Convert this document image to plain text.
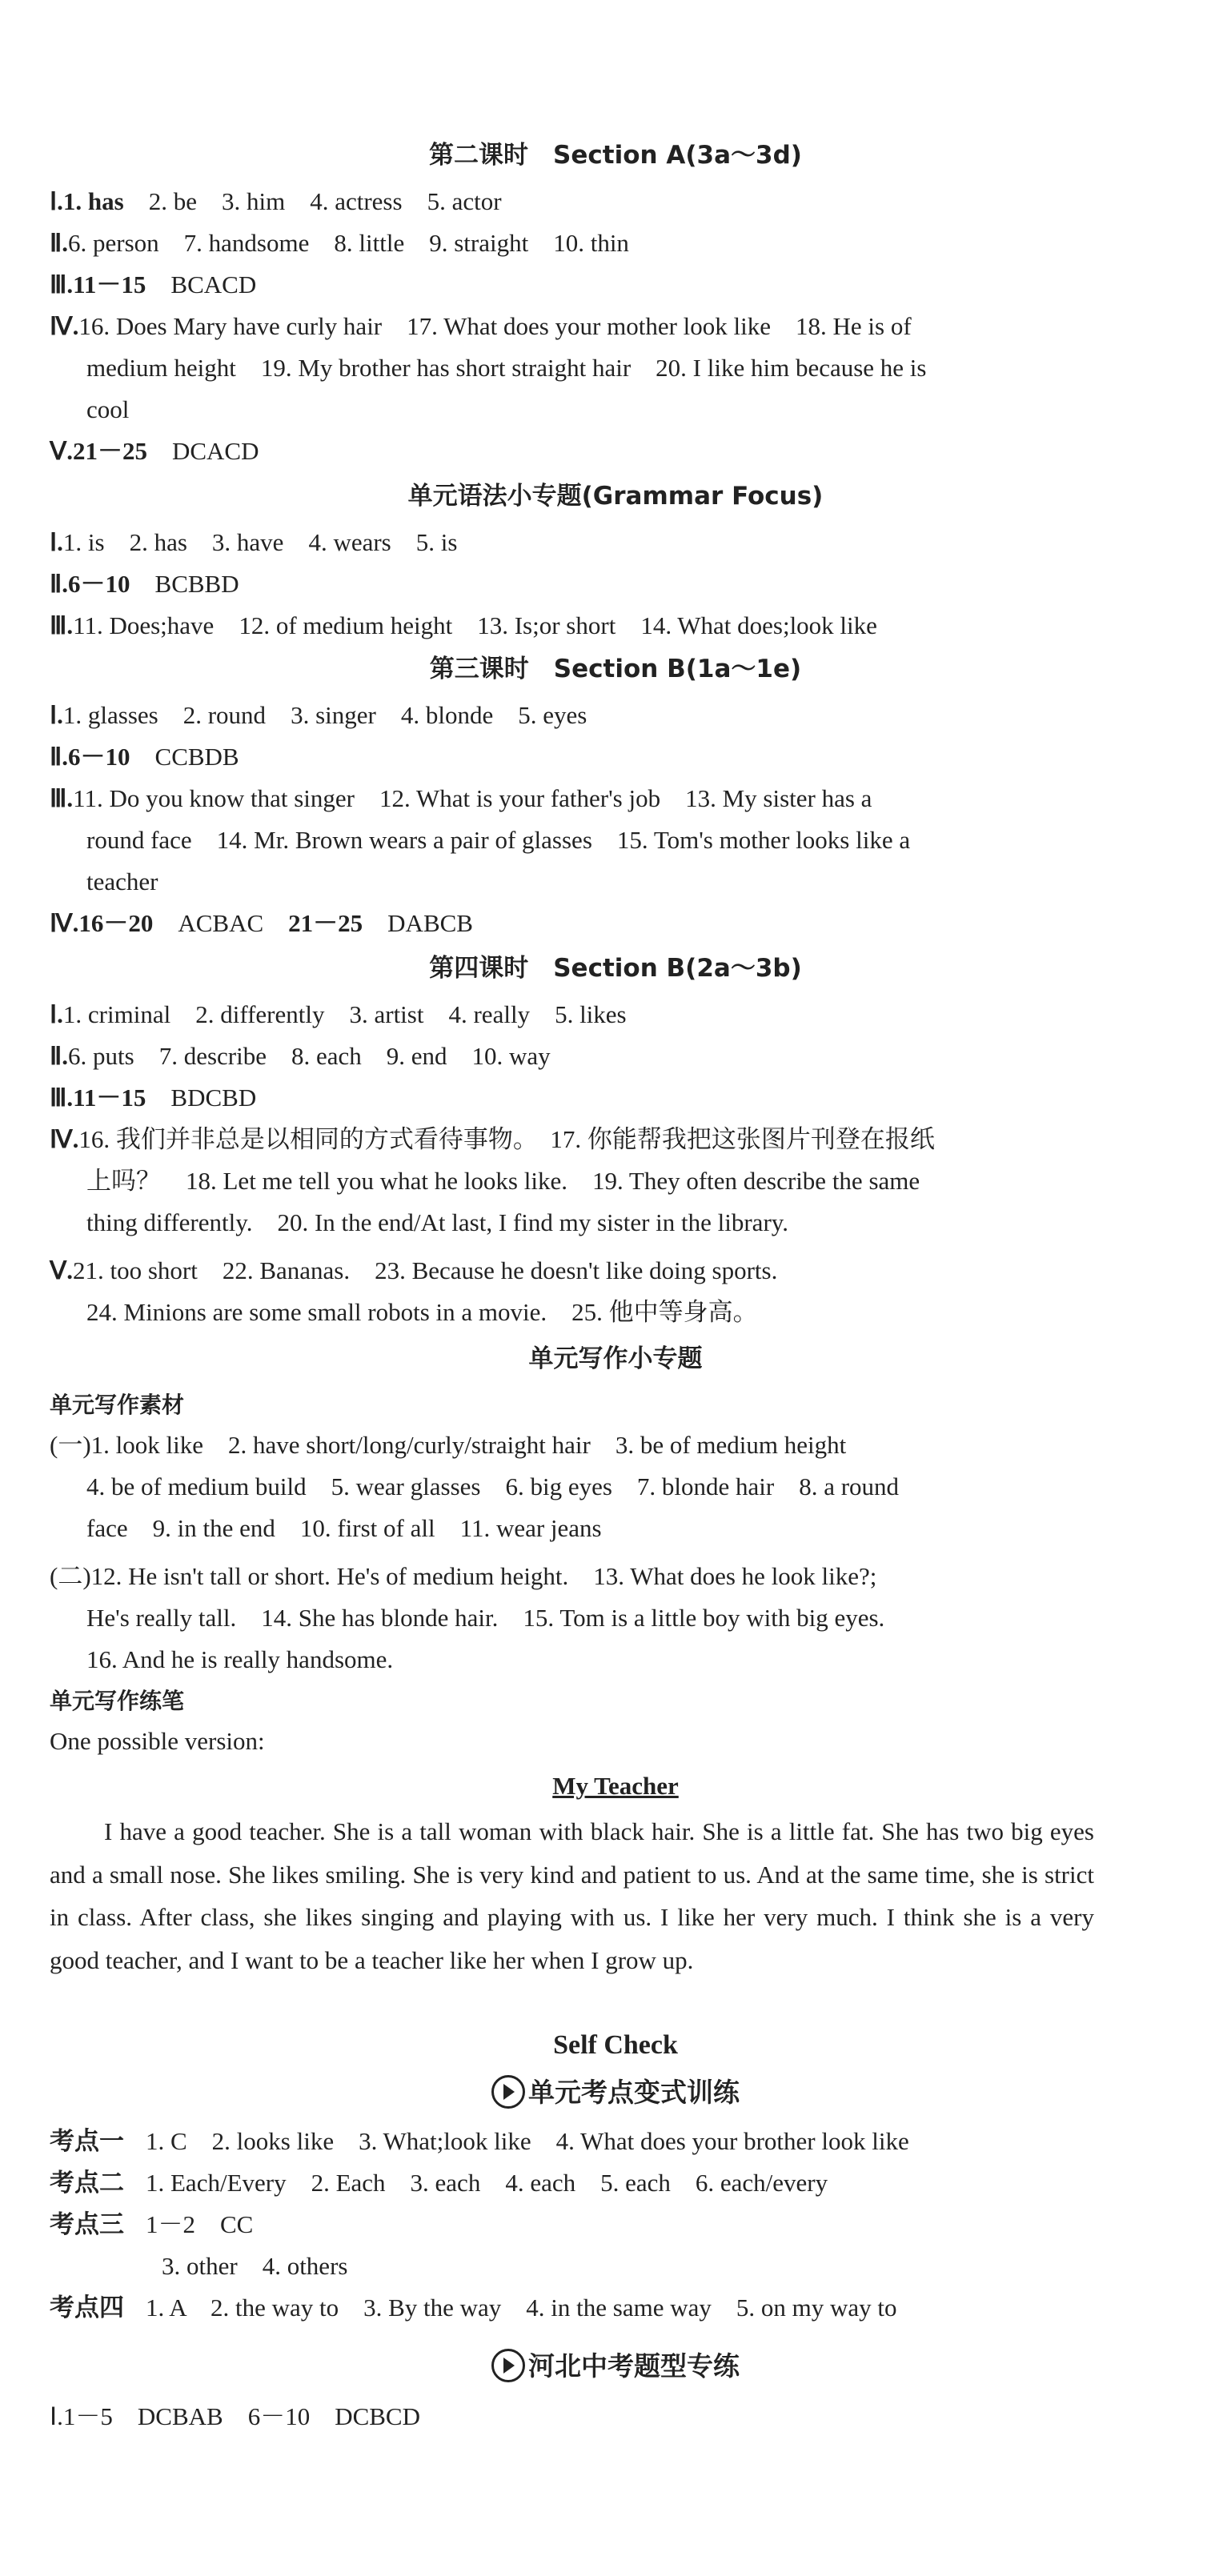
第二课时　Section A(3a～3d)
Ⅰ.1. has　 2. be　 3. him　 4. actress　 5. actor
Ⅱ.6. person　 7. handsome　 8. little　 9. straight　 10. thin
Ⅲ.11－15　 BCACD
Ⅳ.16. Does Mary have curly hair　17. What does your mother look like　18. He is of
medium height　19. My brother has short straight hair　20. I like him because he is
cool
Ⅴ.21－25　 DCACD
单元语法小专题(Grammar Focus)
Ⅰ.1. is　 2. has　 3. have　 4. wears　 5. is
Ⅱ.6－10　 BCBBD
Ⅲ.11. Does;have　 12. of medium height　 13. Is;or short　 14. What does;look like
第三课时　Section B(1a～1e)
Ⅰ.1. glasses　 2. round　 3. singer　 4. blonde　 5. eyes
Ⅱ.6－10　 CCBDB
Ⅲ.11. Do you know that singer　12. What is your father's job　13. My sister has a
round face　14. Mr. Brown wears a pair of glasses　15. Tom's mother looks like a
teacher
Ⅳ.16－20　 ACBAC　 21－25　 DABCB
第四课时　Section B(2a～3b)
Ⅰ.1. criminal　 2. differently　 3. artist　 4. really　 5. likes
Ⅱ.6. puts　 7. describe　 8. each　 9. end　 10. way
Ⅲ.11－15　 BDCBD
Ⅳ.16. 我们并非总是以相同的方式看待事物。　17. 你能帮我把这张图片刊登在报纸
上吗？　18. Let me tell you what he looks like.　19. They often describe the same
thing differently.　20. In the end/At last, I find my sister in the library.
Ⅴ.21. too short　22. Bananas.　23. Because he doesn't like doing sports.
24. Minions are some small robots in a movie.　25. 他中等身高。
单元写作小专题
单元写作素材
(一)1. look like　2. have short/long/curly/straight hair　3. be of medium height
4. be of medium build　5. wear glasses　6. big eyes　7. blonde hair　8. a round
face　9. in the end　10. first of all　11. wear jeans
(二)12. He isn't tall or short. He's of medium height.　13. What does he look like?;
He's really tall.　14. She has blonde hair.　15. Tom is a little boy with big eyes.
16. And he is really handsome.
单元写作练笔
One possible version:
My Teacher
I have a good teacher. She is a tall woman with black hair. She is a little fat. She has two big eyes and a small nose. She likes smiling. She is very kind and patient to us. And at the same time, she is strict in class. After class, she likes singing and playing with us. I like her very much. I think she is a very good teacher, and I want to be a teacher like her when I grow up.
Self Check
单元考点变式训练
考点一 1. C　2. looks like　3. What;look like　4. What does your brother look like
考点二 1. Each/Every　2. Each　3. each　4. each　5. each　6. each/every
考点三 1－2　CC
3. other　4. others
考点四 1. A　2. the way to　3. By the way　4. in the same way　5. on my way to
河北中考题型专练
Ⅰ.1－5　DCBAB　6－10　DCBCD
